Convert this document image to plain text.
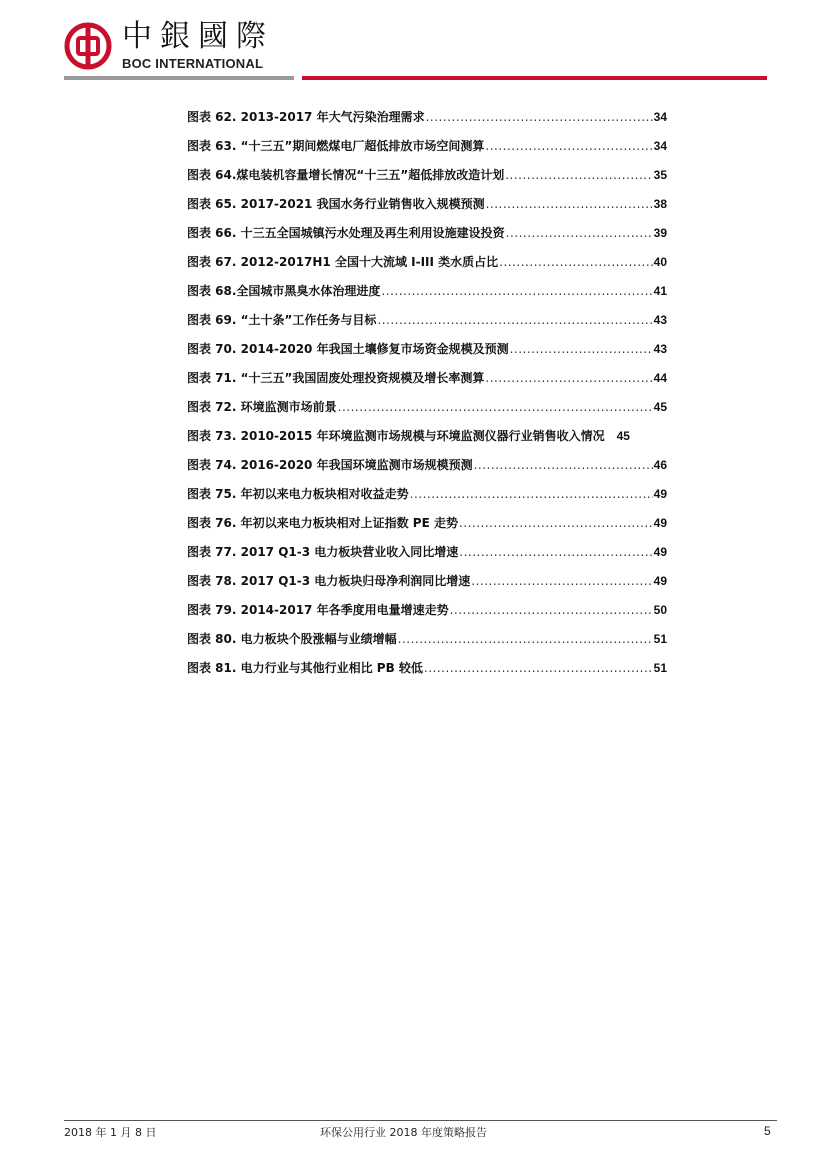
中銀國際
BOC INTERNATIONAL
图表 62. 2013-2017 年大气污染治理需求 .....	34
图表 63. “十三五”期间燃煤电厂超低排放市场空间测算 .....	34
图表 64.煤电装机容量增长情况“十三五”超低排放改造计划 .....	35
图表 65. 2017-2021 我国水务行业销售收入规模预测 .....	38
图表 66. 十三五全国城镇污水处理及再生利用设施建设投资 .....	39
图表 67. 2012-2017H1 全国十大流域 I-III 类水质占比 .....	40
图表 68.全国城市黑臭水体治理进度 .....	41
图表 69. “土十条”工作任务与目标 .....	43
图表 70. 2014-2020 年我国土壤修复市场资金规模及预测 .....	43
图表 71. “十三五”我国固废处理投资规模及增长率测算 .....	44
图表 72. 环境监测市场前景 .....	45
图表 73. 2010-2015 年环境监测市场规模与环境监测仪器行业销售收入情况 45
图表 74. 2016-2020 年我国环境监测市场规模预测 .....	46
图表 75. 年初以来电力板块相对收益走势 .....	49
图表 76. 年初以来电力板块相对上证指数 PE 走势 .....	49
图表 77. 2017 Q1-3 电力板块营业收入同比增速 .....	49
图表 78. 2017 Q1-3 电力板块归母净利润同比增速 .....	49
图表 79. 2014-2017 年各季度用电量增速走势 .....	50
图表 80. 电力板块个股涨幅与业绩增幅 .....	51
图表 81. 电力行业与其他行业相比 PB 较低 .....	51
2018 年 1 月 8 日	环保公用行业 2018 年度策略报告	5
